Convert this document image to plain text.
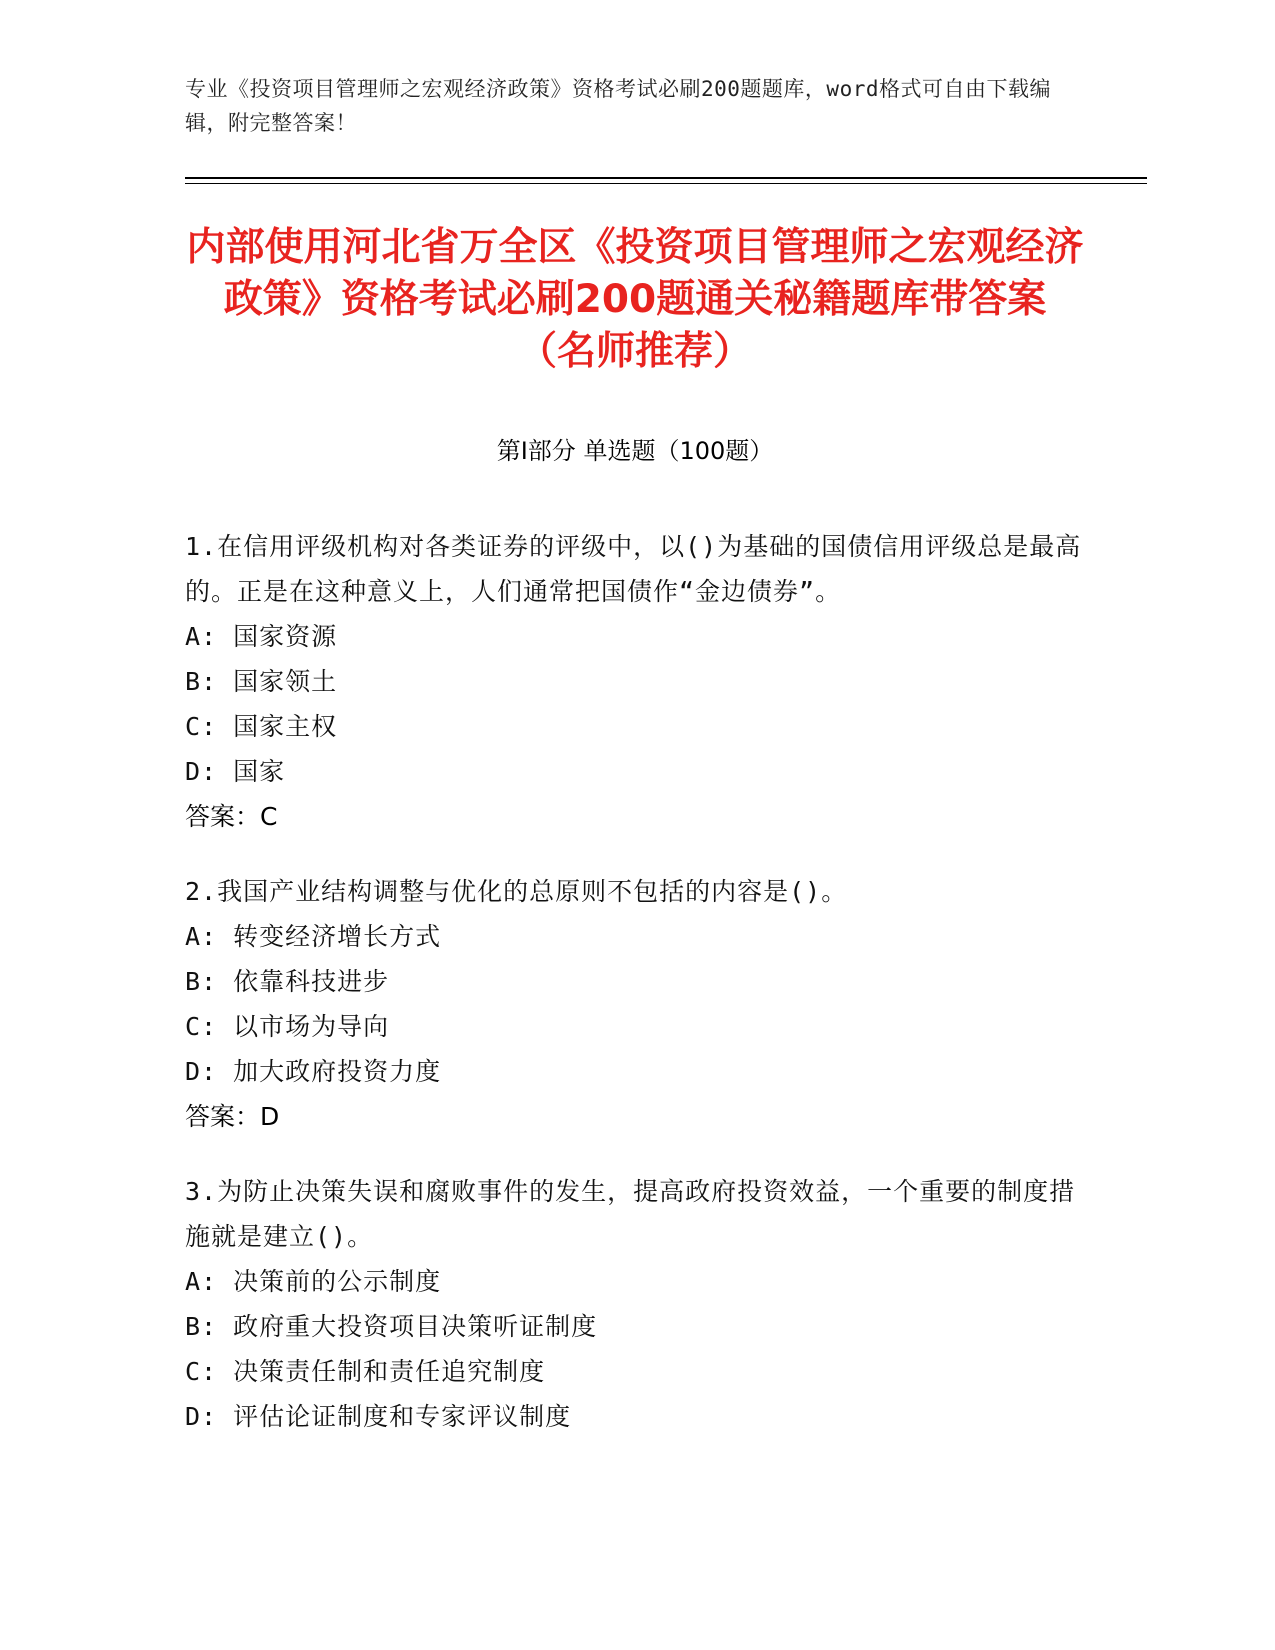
专业《投资项目管理师之宏观经济政策》资格考试必刷200题题库，word格式可自由下载编辑，附完整答案！
内部使用河北省万全区《投资项目管理师之宏观经济政策》资格考试必刷200题通关秘籍题库带答案（名师推荐）
第Ⅰ部分 单选题（100题）

1.在信用评级机构对各类证券的评级中，以()为基础的国债信用评级总是最高的。正是在这种意义上，人们通常把国债作“金边债券”。

A: 国家资源

B: 国家领土

C: 国家主权

D: 国家

答案：C

2.我国产业结构调整与优化的总原则不包括的内容是()。

A: 转变经济增长方式

B: 依靠科技进步

C: 以市场为导向

D: 加大政府投资力度

答案：D

3.为防止决策失误和腐败事件的发生，提高政府投资效益，一个重要的制度措施就是建立()。

A: 决策前的公示制度

B: 政府重大投资项目决策听证制度

C: 决策责任制和责任追究制度

D: 评估论证制度和专家评议制度
